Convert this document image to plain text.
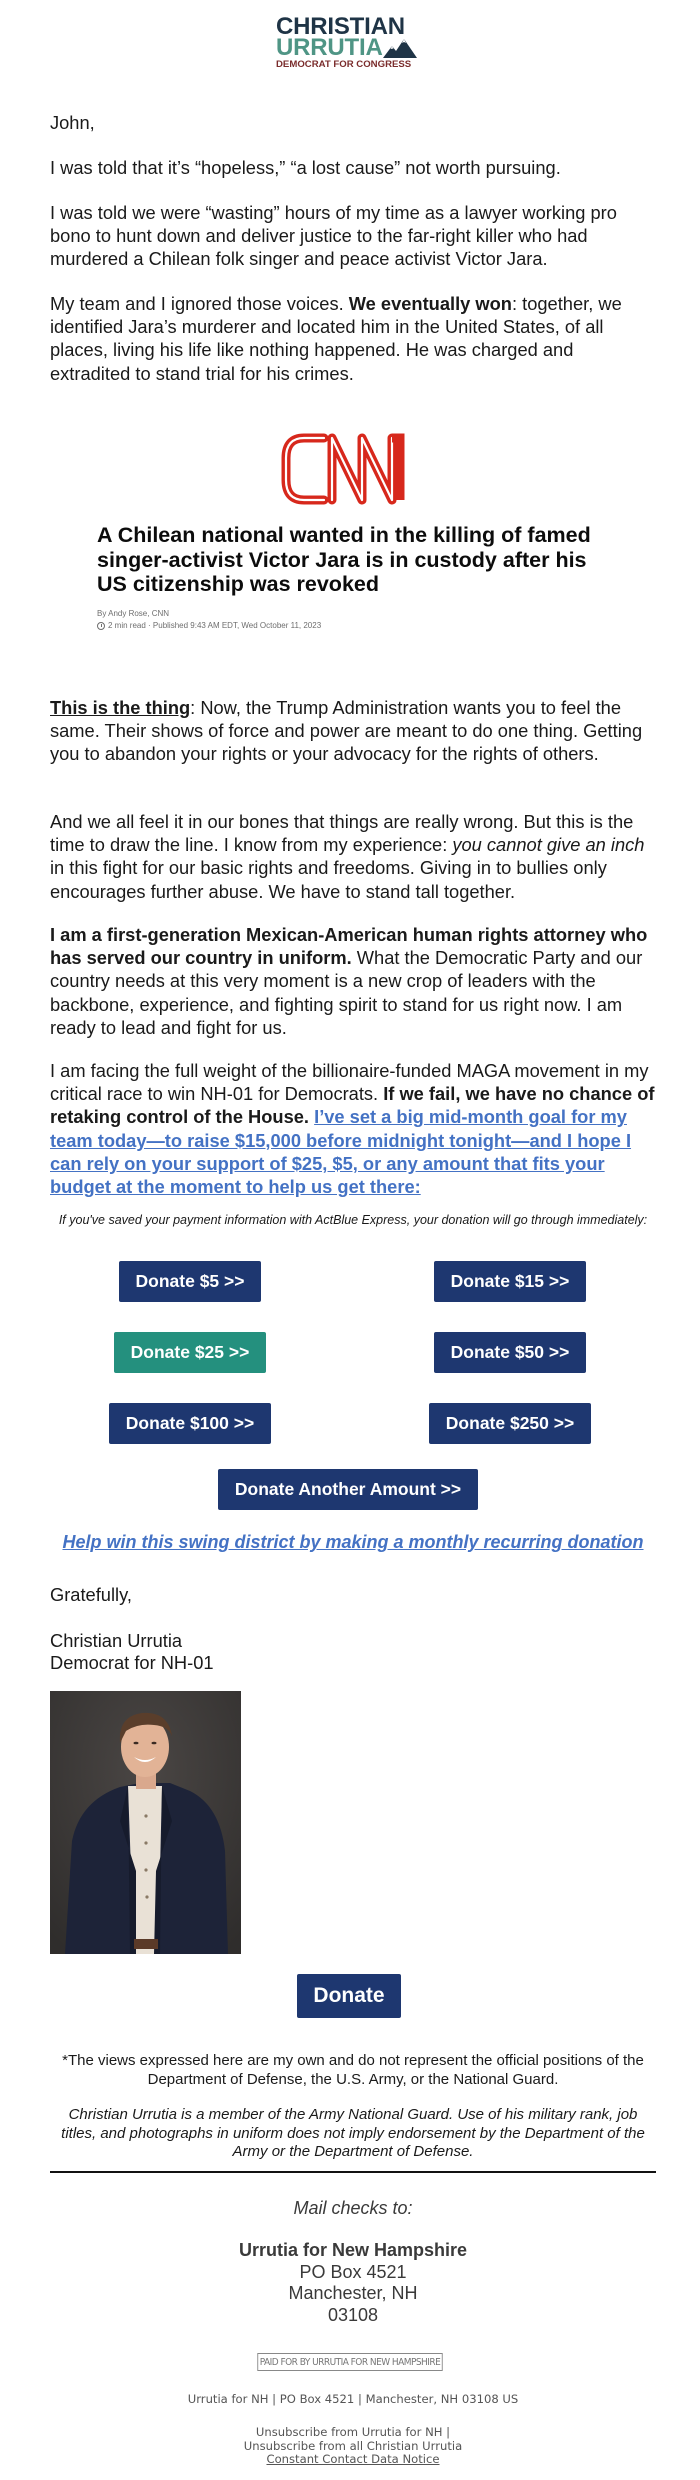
CHRISTIAN
URRUTIA
DEMOCRAT FOR CONGRESS
John,
I was told that it’s “hopeless,” “a lost cause” not worth pursuing.
I was told we were “wasting” hours of my time as a lawyer working pro bono to hunt down and deliver justice to the far-right killer who had murdered a Chilean folk singer and peace activist Victor Jara.
My team and I ignored those voices. We eventually won: together, we identified Jara’s murderer and located him in the United States, of all places, living his life like nothing happened. He was charged and extradited to stand trial for his crimes.
A Chilean national wanted in the killing of famed singer-activist Victor Jara is in custody after his US citizenship was revoked
By Andy Rose, CNN
2 min read · Published 9:43 AM EDT, Wed October 11, 2023
This is the thing: Now, the Trump Administration wants you to feel the same. Their shows of force and power are meant to do one thing. Getting you to abandon your rights or your advocacy for the rights of others.
And we all feel it in our bones that things are really wrong. But this is the time to draw the line. I know from my experience: you cannot give an inch in this fight for our basic rights and freedoms. Giving in to bullies only encourages further abuse. We have to stand tall together.
I am a first-generation Mexican-American human rights attorney who has served our country in uniform. What the Democratic Party and our country needs at this very moment is a new crop of leaders with the backbone, experience, and fighting spirit to stand for us right now. I am ready to lead and fight for us.
I am facing the full weight of the billionaire-funded MAGA movement in my critical race to win NH-01 for Democrats. If we fail, we have no chance of retaking control of the House. I’ve set a big mid-month goal for my team today—to raise $15,000 before midnight tonight—and I hope I can rely on your support of $25, $5, or any amount that fits your budget at the moment to help us get there:
If you've saved your payment information with ActBlue Express, your donation will go through immediately:
Donate $5 >>	Donate $15 >>
Donate $25 >>	Donate $50 >>
Donate $100 >>	Donate $250 >>
Donate Another Amount >>
Help win this swing district by making a monthly recurring donation
Gratefully,
Christian Urrutia
Democrat for NH-01
Donate
*The views expressed here are my own and do not represent the official positions of the Department of Defense, the U.S. Army, or the National Guard.
Christian Urrutia is a member of the Army National Guard. Use of his military rank, job titles, and photographs in uniform does not imply endorsement by the Department of the Army or the Department of Defense.
Mail checks to:
Urrutia for New Hampshire
PO Box 4521
Manchester, NH
03108
PAID FOR BY URRUTIA FOR NEW HAMPSHIRE
Urrutia for NH | PO Box 4521 | Manchester, NH 03108 US
Unsubscribe from Urrutia for NH |
Unsubscribe from all Christian Urrutia
Constant Contact Data Notice
